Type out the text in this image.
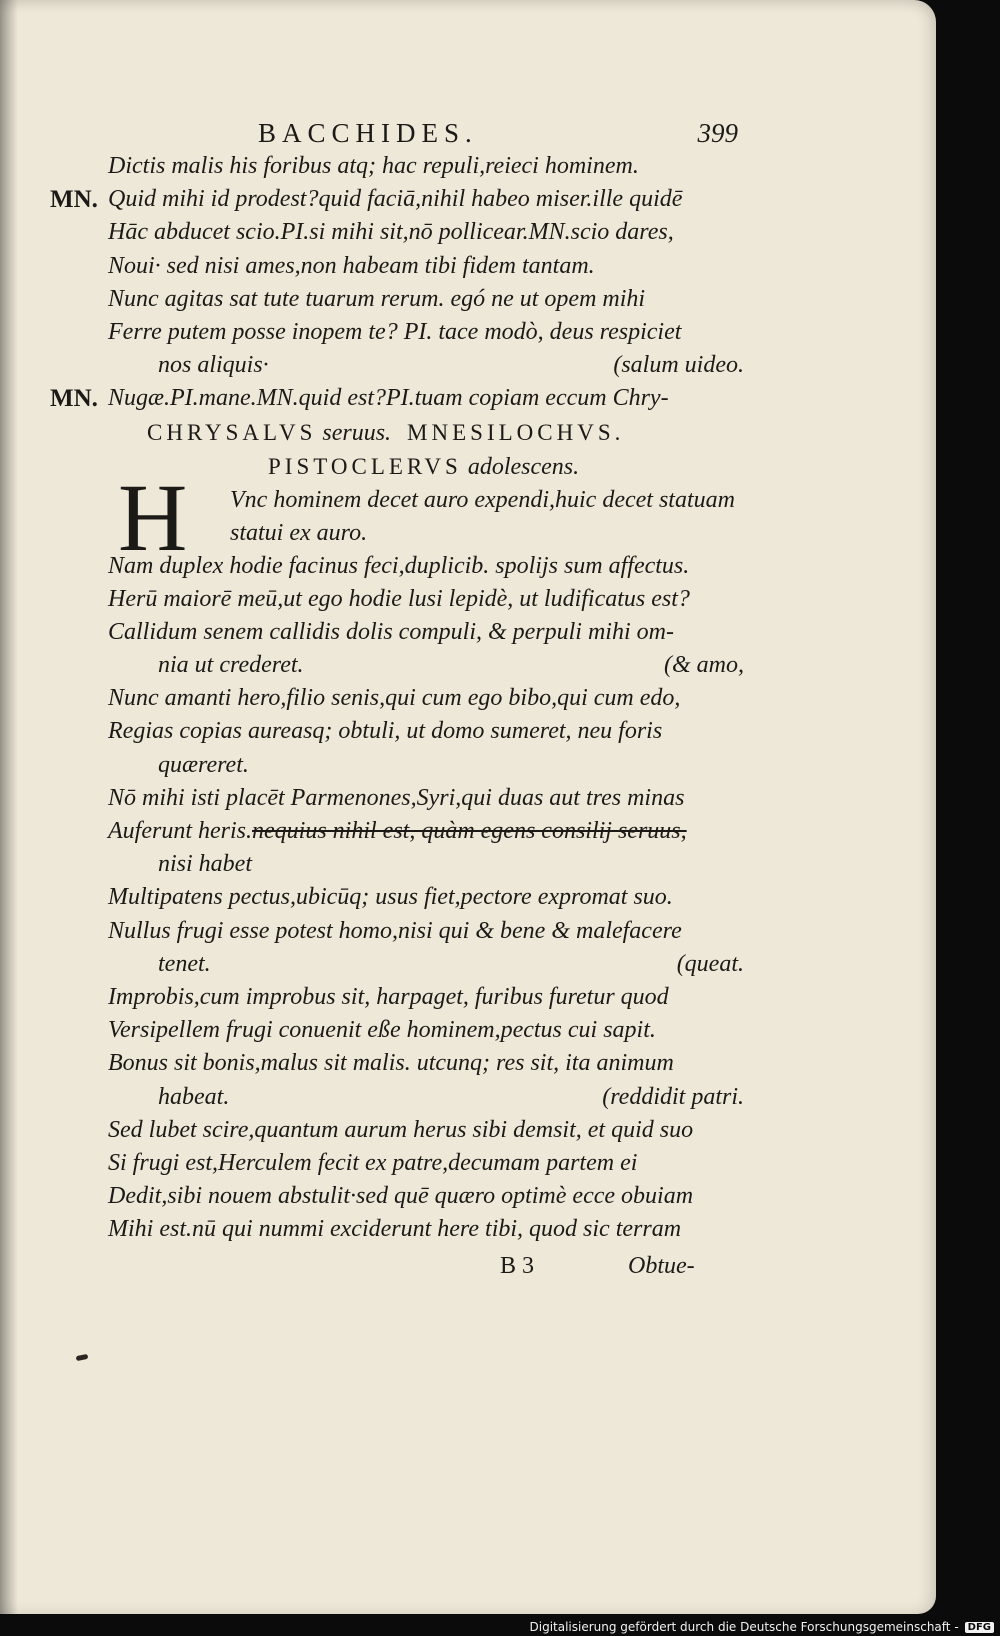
BACCHIDES.	399
Dictis malis his foribus atq; hac repuli,reieci hominem.
MN. Quid mihi id prodest?quid faciā,nihil habeo miser.ille quidē
Hāc abducet scio.PI.si mihi sit,nō pollicear.MN.scio dares,
Noui· sed nisi ames,non habeam tibi fidem tantam.
Nunc agitas sat tute tuarum rerum. egó ne ut opem mihi
Ferre putem posse inopem te? PI. tace modò, deus respiciet
nos aliquis·	(salum uideo.
MN. Nugæ.PI.mane.MN.quid est?PI.tuam copiam eccum Chry-
CHRYSALVS seruus. MNESILOCHVS.
PISTOCLERVS adolescens.
H Vnc hominem decet auro expendi,huic decet statuam
statui ex auro.
Nam duplex hodie facinus feci,duplicib. spolijs sum affectus.
Herū maiorē meū,ut ego hodie lusi lepidè, ut ludificatus est?
Callidum senem callidis dolis compuli, & perpuli mihi om-
nia ut crederet.	(& amo,
Nunc amanti hero,filio senis,qui cum ego bibo,qui cum edo,
Regias copias aureasq; obtuli, ut domo sumeret, neu foris
quæreret.
Nō mihi isti placēt Parmenones,Syri,qui duas aut tres minas
Auferunt heris.nequius nihil est, quàm egens consilij seruus,
nisi habet
Multipatens pectus,ubicūq; usus fiet,pectore expromat suo.
Nullus frugi esse potest homo,nisi qui & bene & malefacere
tenet.	(queat.
Improbis,cum improbus sit, harpaget, furibus furetur quod
Versipellem frugi conuenit eße hominem,pectus cui sapit.
Bonus sit bonis,malus sit malis. utcunq; res sit, ita animum
habeat.	(reddidit patri.
Sed lubet scire,quantum aurum herus sibi demsit, et quid suo
Si frugi est,Herculem fecit ex patre,decumam partem ei
Dedit,sibi nouem abstulit·sed quē quæro optimè ecce obuiam
Mihi est.nū qui nummi exciderunt here tibi, quod sic terram
B 3	Obtue-
Digitalisierung gefördert durch die Deutsche Forschungsgemeinschaft - DFG
